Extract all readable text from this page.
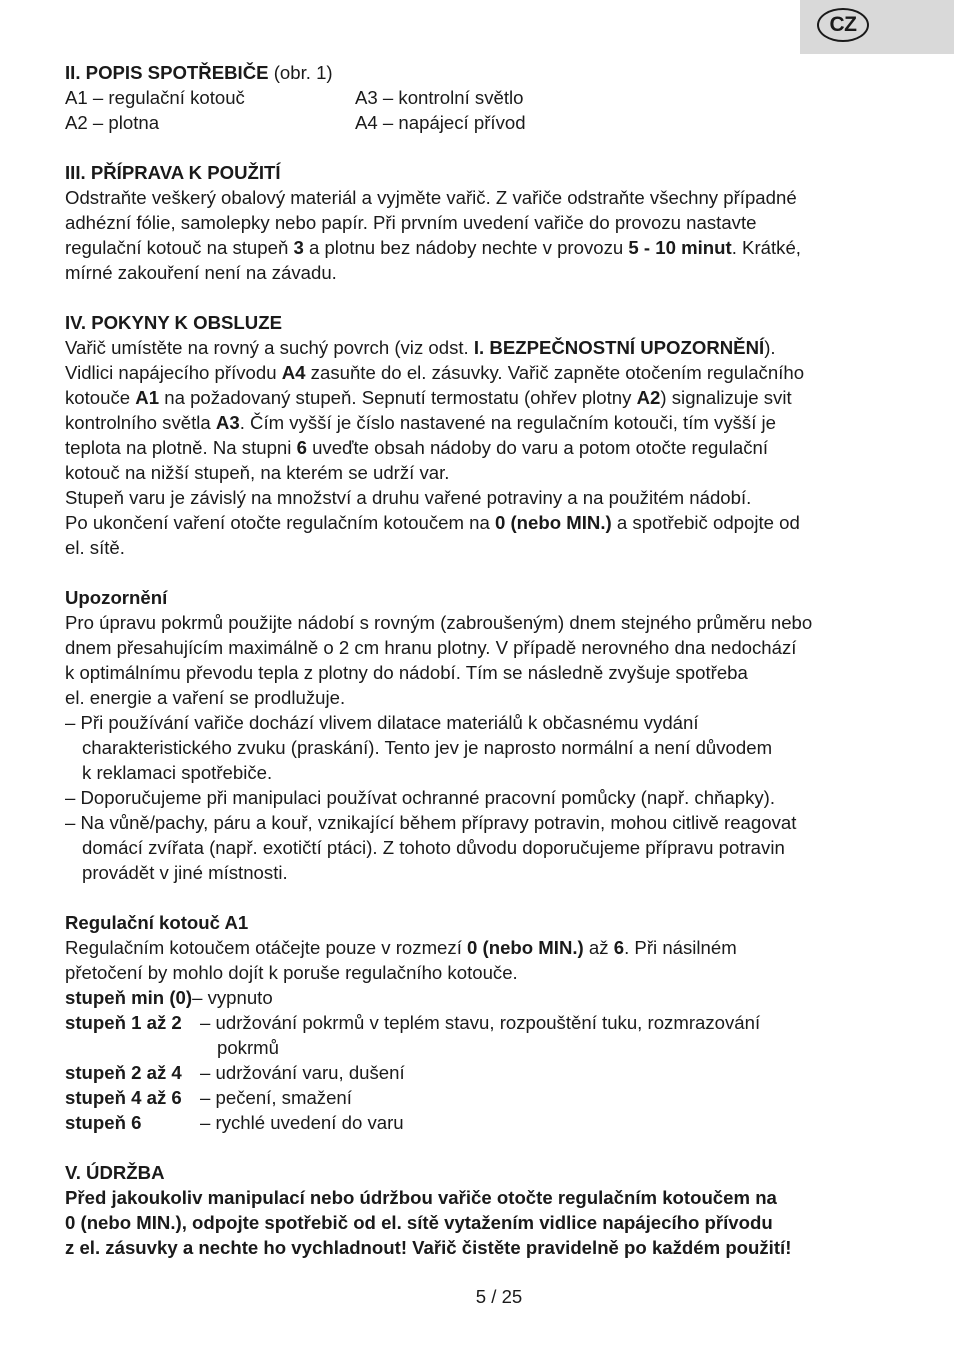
CZ
II. POPIS SPOTŘEBIČE (obr. 1)
A1 – regulační kotouč	A3 – kontrolní světlo
A2 – plotna	A4 – napájecí přívod
III. PŘÍPRAVA K POUŽITÍ
Odstraňte veškerý obalový materiál a vyjměte vařič. Z vařiče odstraňte všechny případné
adhézní fólie, samolepky nebo papír. Při prvním uvedení vařiče do provozu nastavte
regulační kotouč na stupeň 3 a plotnu bez nádoby nechte v provozu 5 - 10 minut. Krátké,
mírné zakouření není na závadu.
IV. POKYNY K OBSLUZE
Vařič umístěte na rovný a suchý povrch (viz odst. I. BEZPEČNOSTNÍ UPOZORNĚNÍ).
Vidlici napájecího přívodu A4 zasuňte do el. zásuvky. Vařič zapněte otočením regulačního
kotouče A1 na požadovaný stupeň. Sepnutí termostatu (ohřev plotny A2) signalizuje svit
kontrolního světla A3. Čím vyšší je číslo nastavené na regulačním kotouči, tím vyšší je
teplota na plotně. Na stupni 6 uveďte obsah nádoby do varu a potom otočte regulační
kotouč na nižší stupeň, na kterém se udrží var.
Stupeň varu je závislý na množství a druhu vařené potraviny a na použitém nádobí.
Po ukončení vaření otočte regulačním kotoučem na 0 (nebo MIN.) a spotřebič odpojte od
el. sítě.
Upozornění
Pro úpravu pokrmů použijte nádobí s rovným (zabroušeným) dnem stejného průměru nebo
dnem přesahujícím maximálně o 2 cm hranu plotny. V případě nerovného dna nedochází
k optimálnímu převodu tepla z plotny do nádobí. Tím se následně zvyšuje spotřeba
el. energie a vaření se prodlužuje.
– Při používání vařiče dochází vlivem dilatace materiálů k občasnému vydání
charakteristického zvuku (praskání). Tento jev je naprosto normální a není důvodem
k reklamaci spotřebiče.
– Doporučujeme při manipulaci používat ochranné pracovní pomůcky (např. chňapky).
– Na vůně/pachy, páru a kouř, vznikající během přípravy potravin, mohou citlivě reagovat
domácí zvířata (např. exotičtí ptáci). Z tohoto důvodu doporučujeme přípravu potravin
provádět v jiné místnosti.
Regulační kotouč A1
Regulačním kotoučem otáčejte pouze v rozmezí 0 (nebo MIN.) až 6. Při násilném
přetočení by mohlo dojít k poruše regulačního kotouče.
stupeň min (0)– vypnuto
stupeň 1 až 2 – udržování pokrmů v teplém stavu, rozpouštění tuku, rozmrazování
pokrmů
stupeň 2 až 4 – udržování varu, dušení
stupeň 4 až 6 – pečení, smažení
stupeň 6	– rychlé uvedení do varu
V. ÚDRŽBA
Před jakoukoliv manipulací nebo údržbou vařiče otočte regulačním kotoučem na
0 (nebo MIN.), odpojte spotřebič od el. sítě vytažením vidlice napájecího přívodu
z el. zásuvky a nechte ho vychladnout! Vařič čistěte pravidelně po každém použití!
5 / 25
